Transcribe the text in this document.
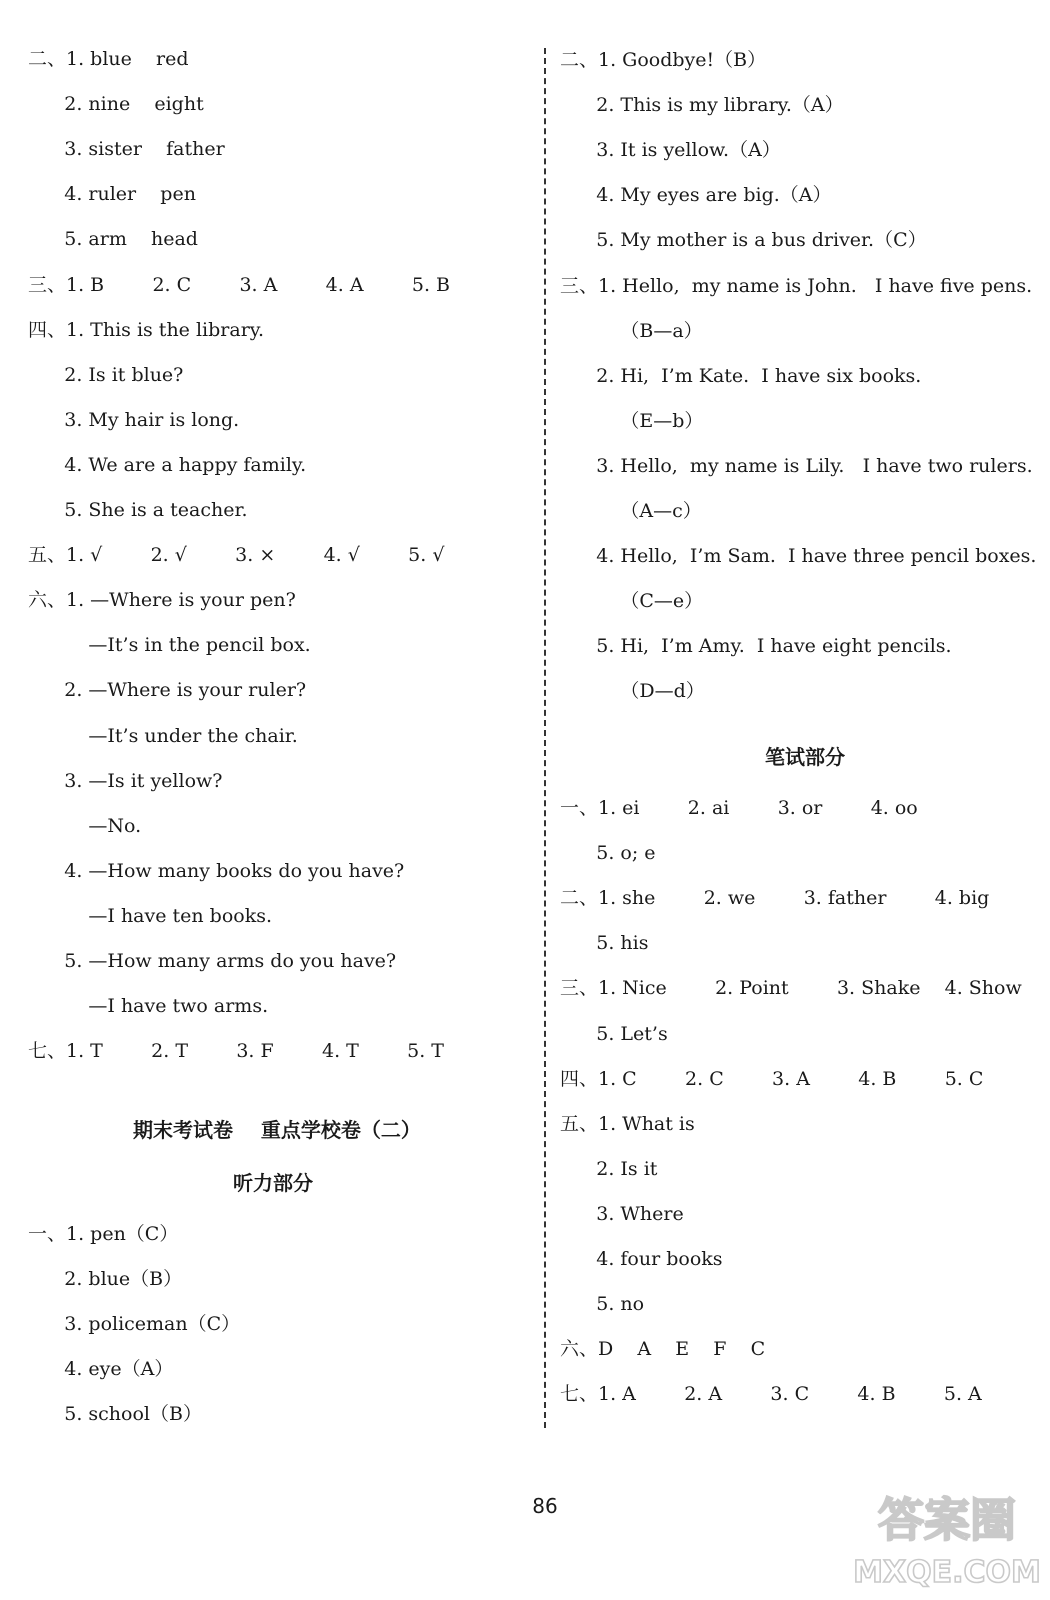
二、1. blue    red
2. nine    eight
3. sister    father
4. ruler    pen
5. arm    head
三、1. B        2. C        3. A        4. A        5. B
四、1. This is the library.
2. Is it blue?
3. My hair is long.
4. We are a happy family.
5. She is a teacher.
五、1. √        2. √        3. ×        4. √        5. √
六、1. —Where is your pen?
—It’s in the pencil box.
2. —Where is your ruler?
—It’s under the chair.
3. —Is it yellow?
—No.
4. —How many books do you have?
—I have ten books.
5. —How many arms do you have?
—I have two arms.
七、1. T        2. T        3. F        4. T        5. T
期末考试卷    重点学校卷（二）
听力部分
一、1. pen（C）
2. blue（B）
3. policeman（C）
4. eye（A）
5. school（B）
二、1. Goodbye!（B）
2. This is my library.（A）
3. It is yellow.（A）
4. My eyes are big.（A）
5. My mother is a bus driver.（C）
三、1. Hello,  my name is John.   I have five pens.
（B—a）
2. Hi,  I’m Kate.  I have six books.
（E—b）
3. Hello,  my name is Lily.   I have two rulers.
（A—c）
4. Hello,  I’m Sam.  I have three pencil boxes.
（C—e）
5. Hi,  I’m Amy.  I have eight pencils.
（D—d）
笔试部分
一、1. ei        2. ai        3. or        4. oo
5. o; e
二、1. she        2. we        3. father        4. big
5. his
三、1. Nice        2. Point        3. Shake    4. Show
5. Let’s
四、1. C        2. C        3. A        4. B        5. C
五、1. What is
2. Is it
3. Where
4. four books
5. no
六、D    A    E    F    C
七、1. A        2. A        3. C        4. B        5. A
86	答案圈
MXQE.COM
